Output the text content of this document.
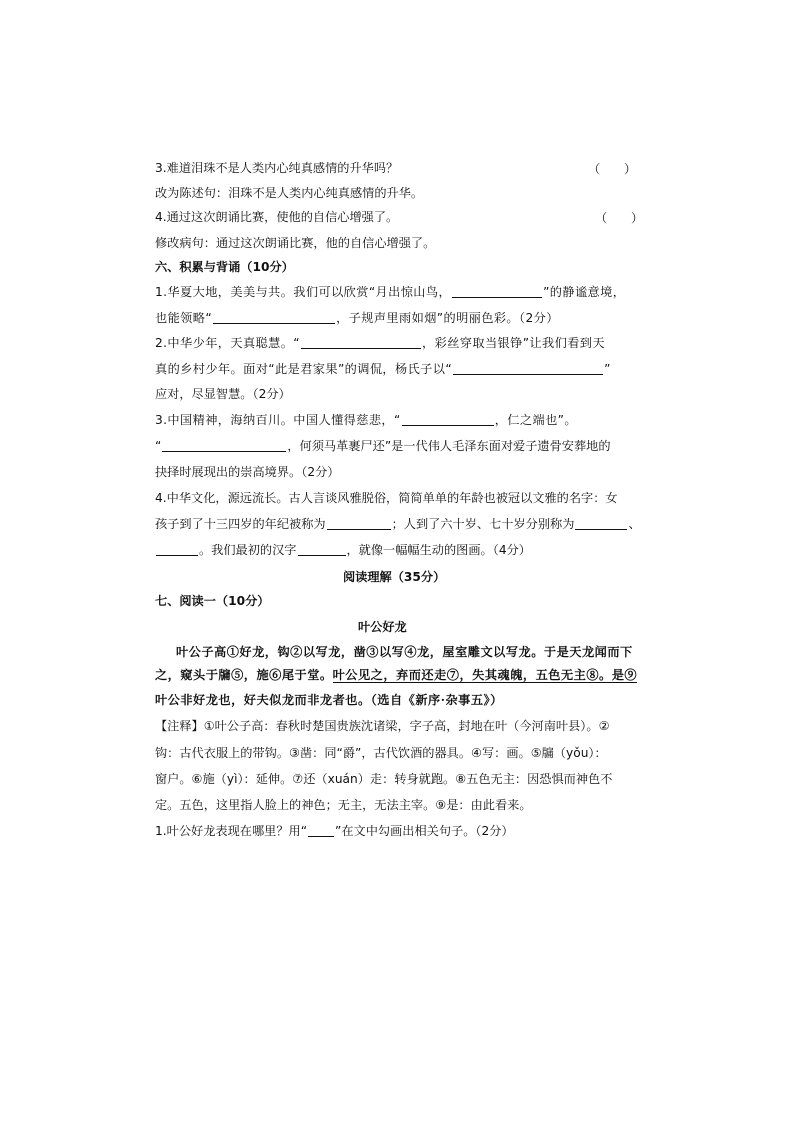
3.难道泪珠不是人类内心纯真感情的升华吗？	（ ）
改为陈述句：泪珠不是人类内心纯真感情的升华。
4.通过这次朗诵比赛，使他的自信心增强了。	（ ）
修改病句：通过这次朗诵比赛，他的自信心增强了。
六、积累与背诵（10分）
1.华夏大地，美美与共。我们可以欣赏“月出惊山鸟，	”的静谧意境，
也能领略“	，子规声里雨如烟”的明丽色彩。（2分）
2.中华少年，天真聪慧。“	，彩丝穿取当银铮”让我们看到天
真的乡村少年。面对“此是君家果”的调侃，杨氏子以“	”
应对，尽显智慧。（2分）
3.中国精神，海纳百川。中国人懂得慈悲，“	，仁之端也”。
“	，何须马革裹尸还”是一代伟人毛泽东面对爱子遗骨安葬地的
抉择时展现出的崇高境界。（2分）
4.中华文化，源远流长。古人言谈风雅脱俗，简简单单的年龄也被冠以文雅的名字：女
孩子到了十三四岁的年纪被称为	；人到了六十岁、七十岁分别称为	、
。我们最初的汉字	，就像一幅幅生动的图画。（4分）
阅读理解（35分）
七、阅读一（10分）
叶公好龙
叶公子高①好龙，钩②以写龙，凿③以写④龙，屋室雕文以写龙。于是天龙闻而下
之，窥头于牖⑤，施⑥尾于堂。叶公见之，弃而还走⑦，失其魂魄，五色无主⑧。是⑨
叶公非好龙也，好夫似龙而非龙者也。（选自《新序·杂事五》）
【注释】①叶公子高：春秋时楚国贵族沈诸梁，字子高，封地在叶（今河南叶县）。②
钩：古代衣服上的带钩。③凿：同“爵”，古代饮酒的器具。④写：画。⑤牖（yǒu）：
窗户。⑥施（yì）：延伸。⑦还（xuán）走：转身就跑。⑧五色无主：因恐惧而神色不
定。五色，这里指人脸上的神色；无主，无法主宰。⑨是：由此看来。
1.叶公好龙表现在哪里？用“ ”在文中勾画出相关句子。（2分）
